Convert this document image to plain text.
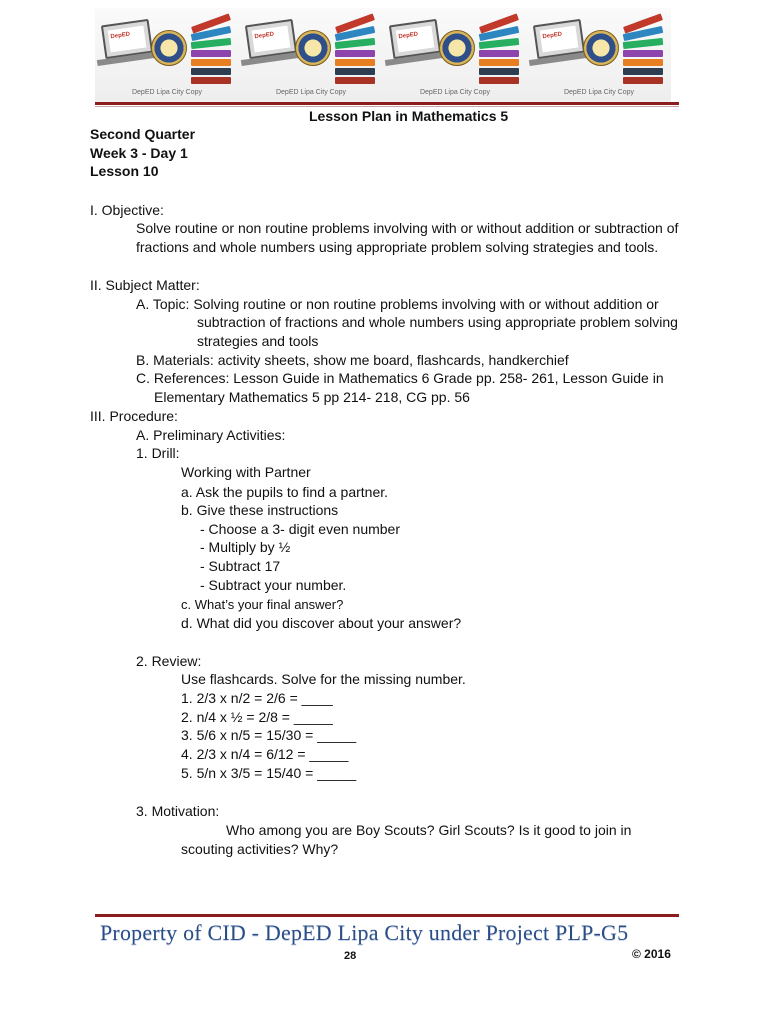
DepED
DepED Lipa City Copy
DepED
DepED Lipa City Copy
DepED
DepED Lipa City Copy
DepED
DepED Lipa City Copy
Lesson Plan in Mathematics 5
Second Quarter
Week 3 - Day 1
Lesson 10
I. Objective:
Solve routine or non routine problems involving with or without addition or subtraction of
fractions and whole numbers using appropriate problem solving strategies and tools.
II. Subject Matter:
A. Topic: Solving routine or non routine problems involving with or without addition or
subtraction of fractions and whole numbers using appropriate problem solving
strategies and tools
B. Materials: activity sheets, show me board, flashcards, handkerchief
C. References: Lesson Guide in Mathematics 6 Grade pp. 258- 261, Lesson Guide in
Elementary Mathematics 5 pp 214- 218, CG pp. 56
III. Procedure:
A. Preliminary Activities:
1. Drill:
Working with Partner
a. Ask the pupils to find a partner.
b. Give these instructions
- Choose a 3- digit even number
- Multiply by ½
- Subtract 17
- Subtract your number.
c. What’s your final answer?
d. What did you discover about your answer?
2. Review:
Use flashcards. Solve for the missing number.
1. 2/3 x n/2 = 2/6 = ____
2. n/4 x ½ = 2/8 = _____
3. 5/6 x n/5 = 15/30 = _____
4. 2/3 x n/4 = 6/12 = _____
5. 5/n x 3/5 = 15/40 = _____
3. Motivation:
Who among you are Boy Scouts? Girl Scouts? Is it good to join in
scouting activities? Why?
Property of CID - DepED Lipa City under Project PLP-G5
28	© 2016
